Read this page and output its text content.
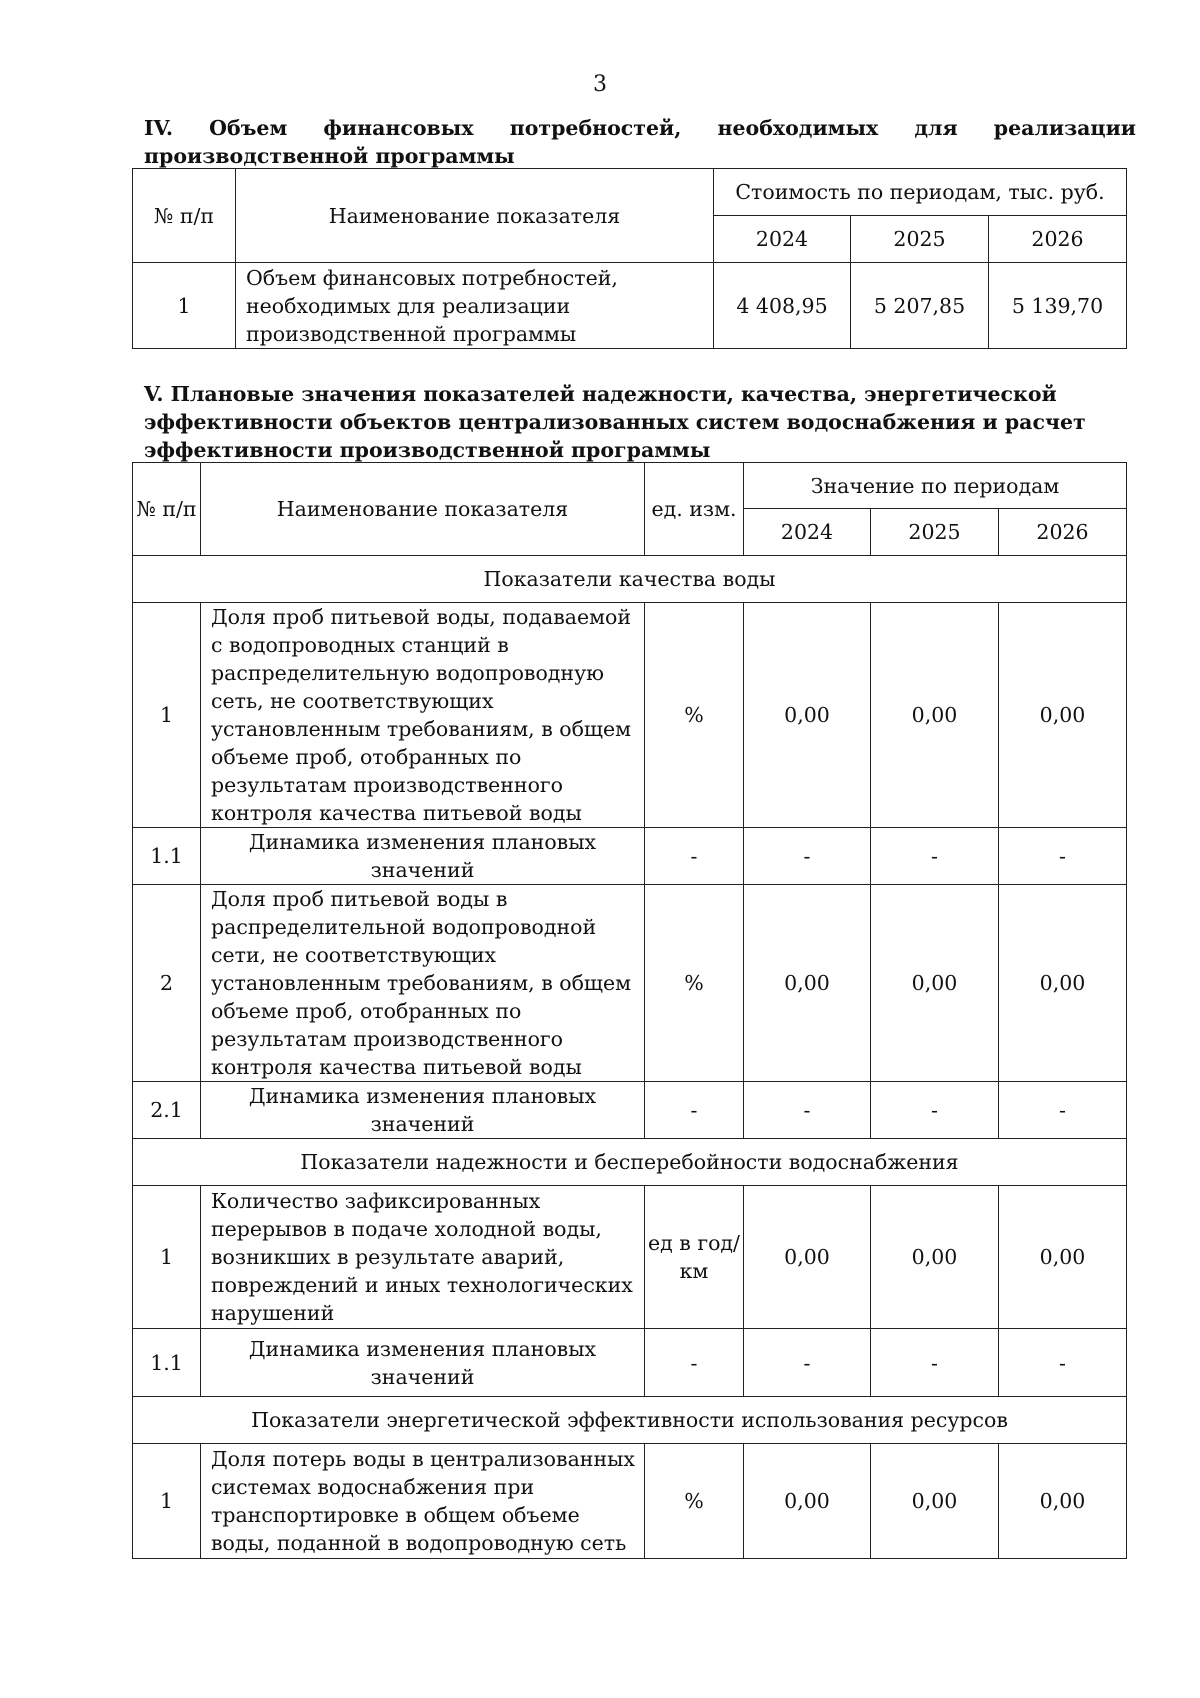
3
IV. Объем финансовых потребностей, необходимых для реализации производственной программы
№ п/п	Наименование показателя	Стоимость по периодам, тыс. руб.		
		2024	2025	2026
1	Объем финансовых потребностей, необходимых для реализации производственной программы	4 408,95	5 207,85	5 139,70
V. Плановые значения показателей надежности, качества, энергетической эффективности объектов централизованных систем водоснабжения и расчет эффективности производственной программы
№ п/п	Наименование показателя	ед. изм.	Значение по периодам		
			2024	2025	2026
Показатели качества воды					
1	Доля проб питьевой воды, подаваемой с водопроводных станций в распределительную водопроводную сеть, не соответствующих установленным требованиям, в общем объеме проб, отобранных по результатам производственного контроля качества питьевой воды	%	0,00	0,00	0,00
1.1	Динамика изменения плановых значений	-	-	-	-
2	Доля проб питьевой воды в распределительной водопроводной сети, не соответствующих установленным требованиям, в общем объеме проб, отобранных по результатам производственного контроля качества питьевой воды	%	0,00	0,00	0,00
2.1	Динамика изменения плановых значений	-	-	-	-
Показатели надежности и бесперебойности водоснабжения					
1	Количество зафиксированных перерывов в подаче холодной воды, возникших в результате аварий, повреждений и иных технологических нарушений	ед в год/ км	0,00	0,00	0,00
1.1	Динамика изменения плановых значений	-	-	-	-
Показатели энергетической эффективности использования ресурсов					
1	Доля потерь воды в централизованных системах водоснабжения при транспортировке в общем объеме воды, поданной в водопроводную сеть	%	0,00	0,00	0,00
